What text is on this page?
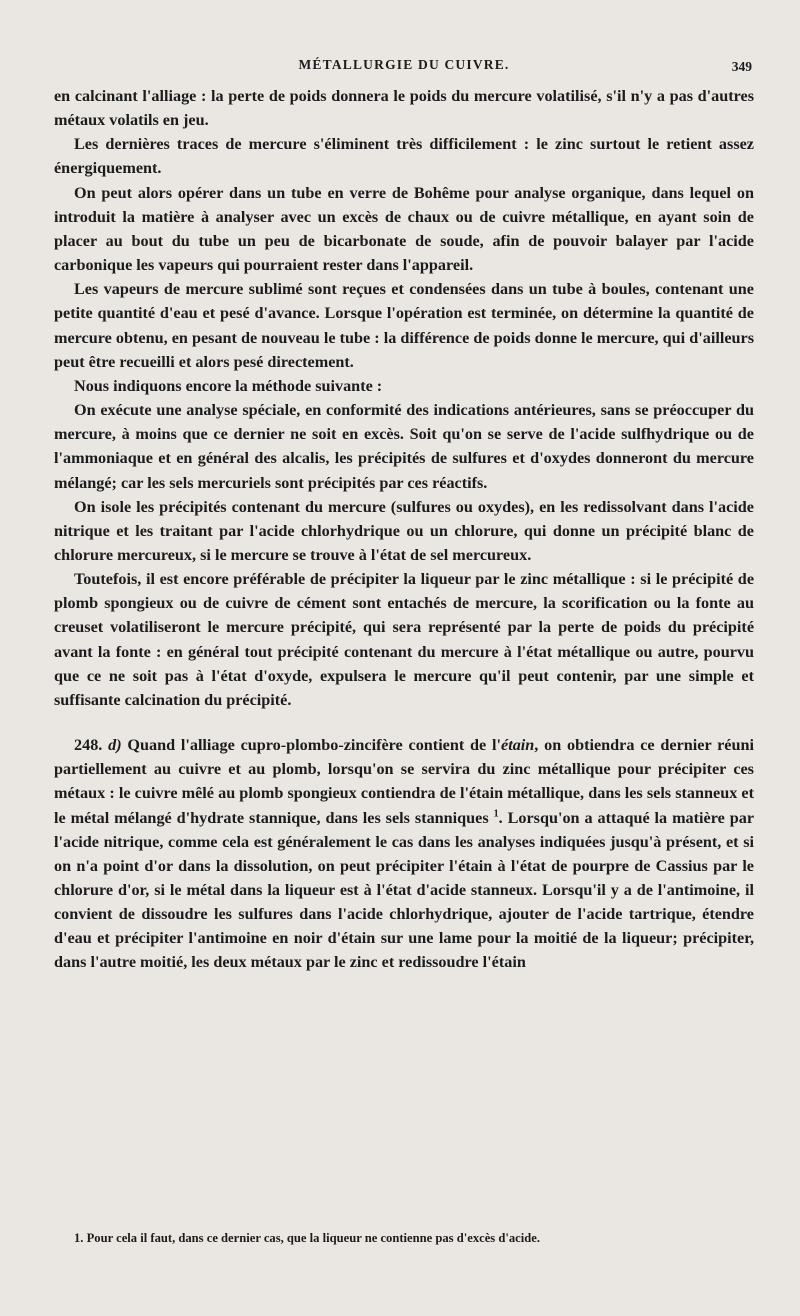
MÉTALLURGIE DU CUIVRE.	349

en calcinant l'alliage : la perte de poids donnera le poids du mercure volatilisé, s'il n'y a pas d'autres métaux volatils en jeu.

Les dernières traces de mercure s'éliminent très difficilement : le zinc surtout le retient assez énergiquement.

On peut alors opérer dans un tube en verre de Bohême pour analyse organique, dans lequel on introduit la matière à analyser avec un excès de chaux ou de cuivre métallique, en ayant soin de placer au bout du tube un peu de bicarbonate de soude, afin de pouvoir balayer par l'acide carbonique les vapeurs qui pourraient rester dans l'appareil.

Les vapeurs de mercure sublimé sont reçues et condensées dans un tube à boules, contenant une petite quantité d'eau et pesé d'avance. Lorsque l'opération est terminée, on détermine la quantité de mercure obtenu, en pesant de nouveau le tube : la différence de poids donne le mercure, qui d'ailleurs peut être recueilli et alors pesé directement.

Nous indiquons encore la méthode suivante :

On exécute une analyse spéciale, en conformité des indications antérieures, sans se préoccuper du mercure, à moins que ce dernier ne soit en excès. Soit qu'on se serve de l'acide sulfhydrique ou de l'ammoniaque et en général des alcalis, les précipités de sulfures et d'oxydes donneront du mercure mélangé; car les sels mercuriels sont précipités par ces réactifs.

On isole les précipités contenant du mercure (sulfures ou oxydes), en les redissolvant dans l'acide nitrique et les traitant par l'acide chlorhydrique ou un chlorure, qui donne un précipité blanc de chlorure mercureux, si le mercure se trouve à l'état de sel mercureux.

Toutefois, il est encore préférable de précipiter la liqueur par le zinc métallique : si le précipité de plomb spongieux ou de cuivre de cément sont entachés de mercure, la scorification ou la fonte au creuset volatiliseront le mercure précipité, qui sera représenté par la perte de poids du précipité avant la fonte : en général tout précipité contenant du mercure à l'état métallique ou autre, pourvu que ce ne soit pas à l'état d'oxyde, expulsera le mercure qu'il peut contenir, par une simple et suffisante calcination du précipité.

248. d) Quand l'alliage cupro-plombo-zincifère contient de l'étain, on obtiendra ce dernier réuni partiellement au cuivre et au plomb, lorsqu'on se servira du zinc métallique pour précipiter ces métaux : le cuivre mêlé au plomb spongieux contiendra de l'étain métallique, dans les sels stanneux et le métal mélangé d'hydrate stannique, dans les sels stanniques $^1$. Lorsqu'on a attaqué la matière par l'acide nitrique, comme cela est généralement le cas dans les analyses indiquées jusqu'à présent, et si on n'a point d'or dans la dissolution, on peut précipiter l'étain à l'état de pourpre de Cassius par le chlorure d'or, si le métal dans la liqueur est à l'état d'acide stanneux. Lorsqu'il y a de l'antimoine, il convient de dissoudre les sulfures dans l'acide chlorhydrique, ajouter de l'acide tartrique, étendre d'eau et précipiter l'antimoine en noir d'étain sur une lame pour la moitié de la liqueur; précipiter, dans l'autre moitié, les deux métaux par le zinc et redissoudre l'étain

1. Pour cela il faut, dans ce dernier cas, que la liqueur ne contienne pas d'excès d'acide.
